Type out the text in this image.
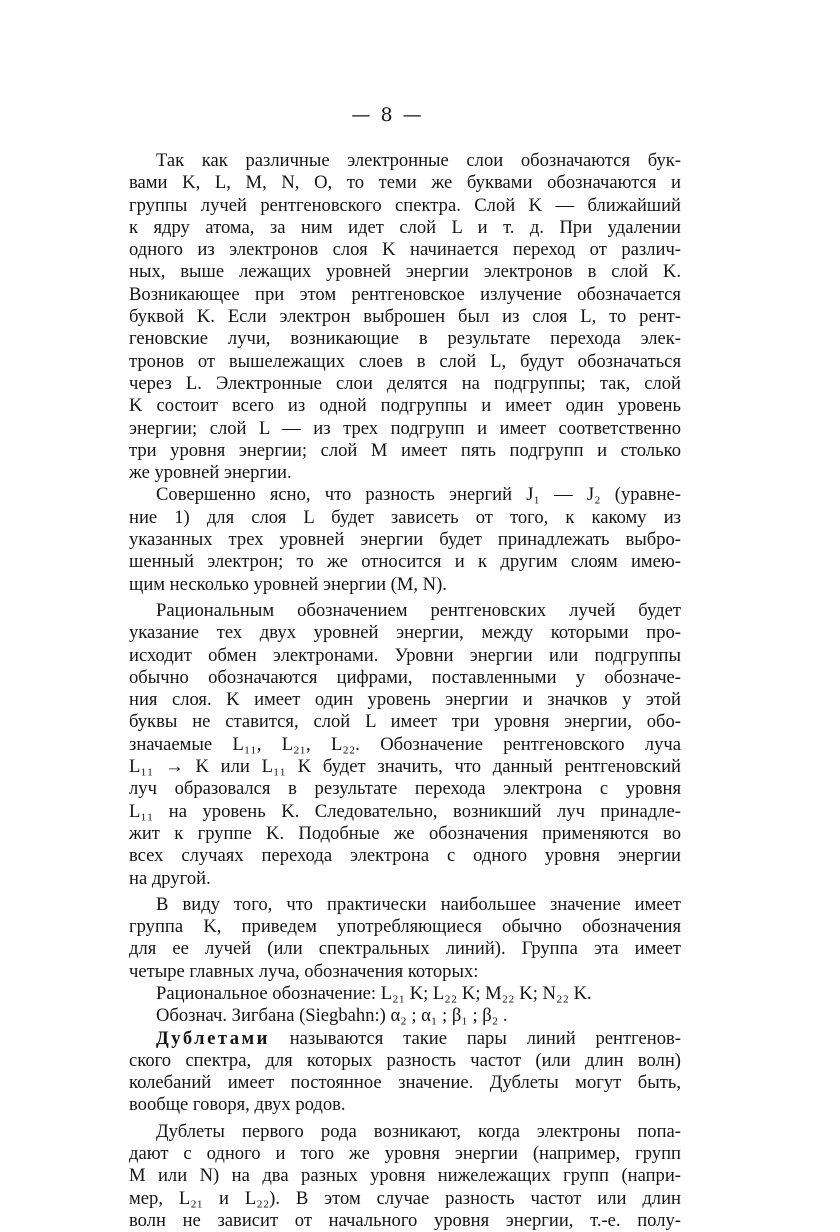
— 8 —
Так как различные электронные слои обозначаются бук-
вами K, L, M, N, O, то теми же буквами обозначаются и
группы лучей рентгеновского спектра. Слой K — ближайший
к ядру атома, за ним идет слой L и т. д. При удалении
одного из электронов слоя K начинается переход от различ-
ных, выше лежащих уровней энергии электронов в слой K.
Возникающее при этом рентгеновское излучение обозначается
буквой K. Если электрон выброшен был из слоя L, то рент-
геновские лучи, возникающие в результате перехода элек-
тронов от вышележащих слоев в слой L, будут обозначаться
через L. Электронные слои делятся на подгруппы; так, слой
K состоит всего из одной подгруппы и имеет один уровень
энергии; слой L — из трех подгрупп и имеет соответственно
три уровня энергии; слой M имеет пять подгрупп и столько
же уровней энергии.
Совершенно ясно, что разность энергий J₁ — J₂ (уравне-
ние 1) для слоя L будет зависеть от того, к какому из
указанных трех уровней энергии будет принадлежать выбро-
шенный электрон; то же относится и к другим слоям имею-
щим несколько уровней энергии (M, N).
Рациональным обозначением рентгеновских лучей будет
указание тех двух уровней энергии, между которыми про-
исходит обмен электронами. Уровни энергии или подгруппы
обычно обозначаются цифрами, поставленными у обозначе-
ния слоя. K имеет один уровень энергии и значков у этой
буквы не ставится, слой L имеет три уровня энергии, обо-
значаемые L₁₁, L₂₁, L₂₂. Обозначение рентгеновского луча
L₁₁ → K или L₁₁ K будет значить, что данный рентгеновский
луч образовался в результате перехода электрона с уровня
L₁₁ на уровень K. Следовательно, возникший луч принадле-
жит к группе K. Подобные же обозначения применяются во
всех случаях перехода электрона с одного уровня энергии
на другой.
В виду того, что практически наибольшее значение имеет
группа K, приведем употребляющиеся обычно обозначения
для ее лучей (или спектральных линий). Группа эта имеет
четыре главных луча, обозначения которых:
Рациональное обозначение: L₂₁ K; L₂₂ K; M₂₂ K; N₂₂ K.
Обознач. Зигбана (Siegbahn:) α₂ ; α₁ ; β₁ ; β₂ .
Дублетами называются такие пары линий рентгенов-
ского спектра, для которых разность частот (или длин волн)
колебаний имеет постоянное значение. Дублеты могут быть,
вообще говоря, двух родов.
Дублеты первого рода возникают, когда электроны попа-
дают с одного и того же уровня энергии (например, групп
M или N) на два разных уровня нижележащих групп (напри-
мер, L₂₁ и L₂₂). В этом случае разность частот или длин
волн не зависит от начального уровня энергии, т.-е. полу-
